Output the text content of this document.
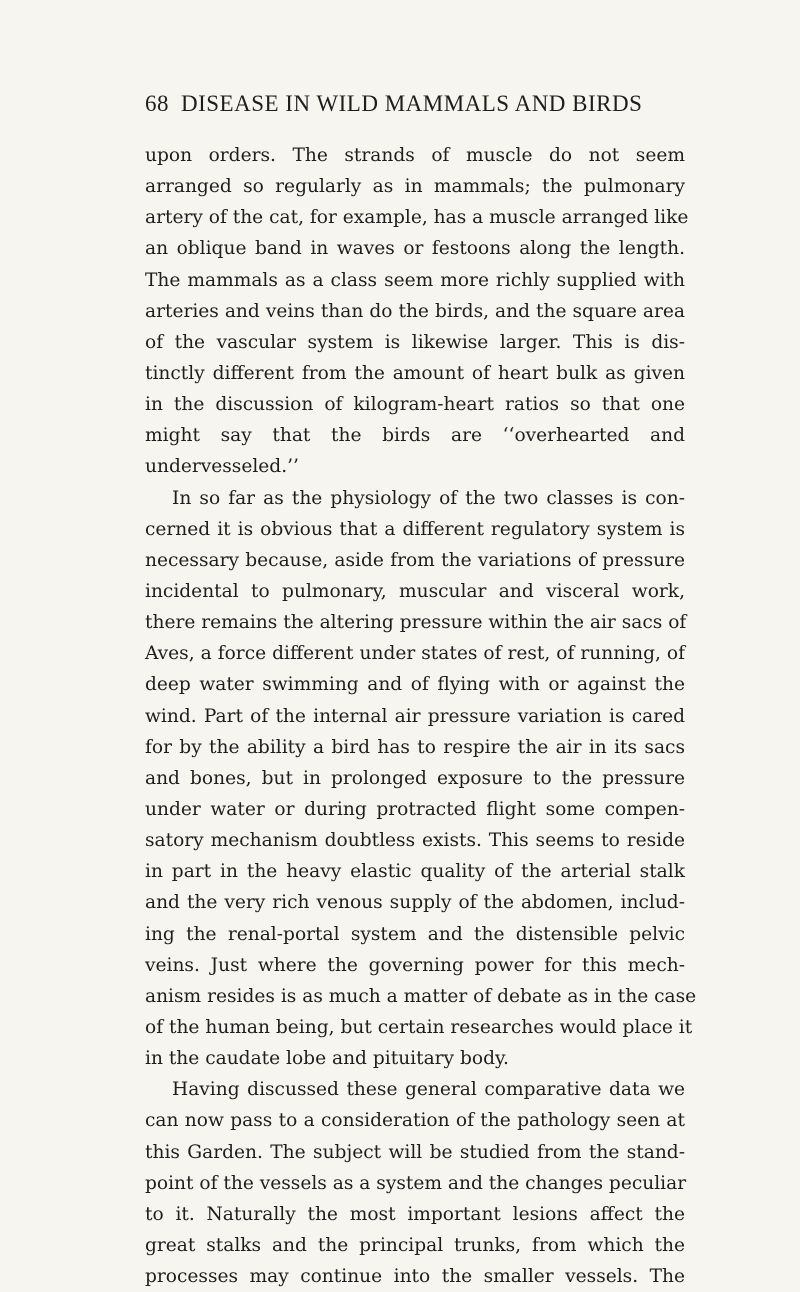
68 DISEASE IN WILD MAMMALS AND BIRDS
upon orders. The strands of muscle do not seem
arranged so regularly as in mammals; the pulmonary
artery of the cat, for example, has a muscle arranged like
an oblique band in waves or festoons along the length.
The mammals as a class seem more richly supplied with
arteries and veins than do the birds, and the square area
of the vascular system is likewise larger. This is dis-
tinctly different from the amount of heart bulk as given
in the discussion of kilogram-heart ratios so that one
might say that the birds are ‘‘overhearted and
undervesseled.’’
In so far as the physiology of the two classes is con-
cerned it is obvious that a different regulatory system is
necessary because, aside from the variations of pressure
incidental to pulmonary, muscular and visceral work,
there remains the altering pressure within the air sacs of
Aves, a force different under states of rest, of running, of
deep water swimming and of flying with or against the
wind. Part of the internal air pressure variation is cared
for by the ability a bird has to respire the air in its sacs
and bones, but in prolonged exposure to the pressure
under water or during protracted flight some compen-
satory mechanism doubtless exists. This seems to reside
in part in the heavy elastic quality of the arterial stalk
and the very rich venous supply of the abdomen, includ-
ing the renal-portal system and the distensible pelvic
veins. Just where the governing power for this mech-
anism resides is as much a matter of debate as in the case
of the human being, but certain researches would place it
in the caudate lobe and pituitary body.
Having discussed these general comparative data we
can now pass to a consideration of the pathology seen at
this Garden. The subject will be studied from the stand-
point of the vessels as a system and the changes peculiar
to it. Naturally the most important lesions affect the
great stalks and the principal trunks, from which the
processes may continue into the smaller vessels. The
